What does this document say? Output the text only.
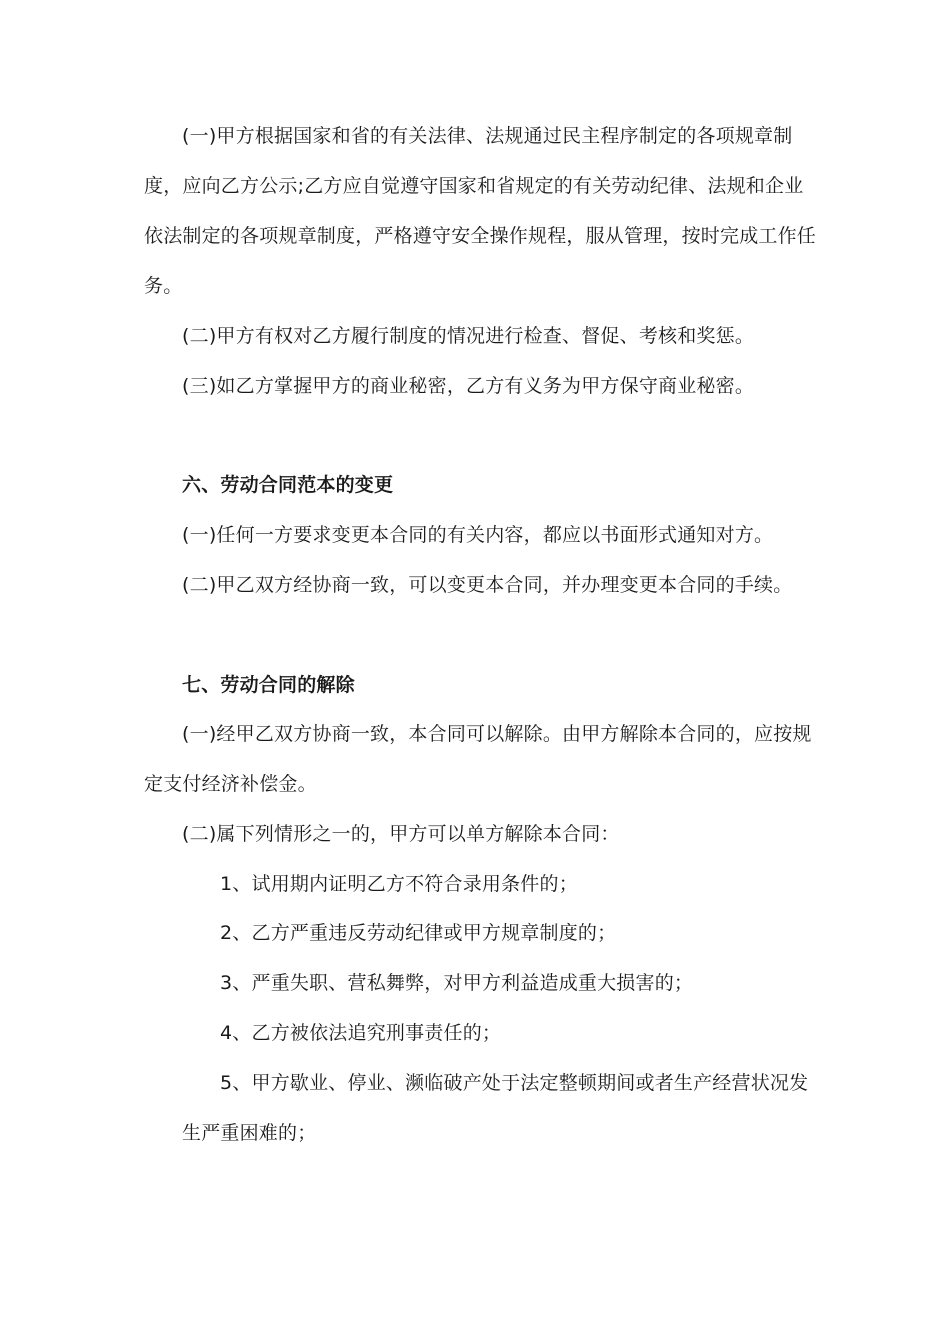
(一)甲方根据国家和省的有关法律、法规通过民主程序制定的各项规章制
度，应向乙方公示;乙方应自觉遵守国家和省规定的有关劳动纪律、法规和企业
依法制定的各项规章制度，严格遵守安全操作规程，服从管理，按时完成工作任
务。
(二)甲方有权对乙方履行制度的情况进行检查、督促、考核和奖惩。
(三)如乙方掌握甲方的商业秘密，乙方有义务为甲方保守商业秘密。
六、劳动合同范本的变更
(一)任何一方要求变更本合同的有关内容，都应以书面形式通知对方。
(二)甲乙双方经协商一致，可以变更本合同，并办理变更本合同的手续。
七、劳动合同的解除
(一)经甲乙双方协商一致，本合同可以解除。由甲方解除本合同的，应按规
定支付经济补偿金。
(二)属下列情形之一的，甲方可以单方解除本合同：
1、试用期内证明乙方不符合录用条件的；
2、乙方严重违反劳动纪律或甲方规章制度的；
3、严重失职、营私舞弊，对甲方利益造成重大损害的；
4、乙方被依法追究刑事责任的；
5、甲方歇业、停业、濒临破产处于法定整顿期间或者生产经营状况发
生严重困难的；
